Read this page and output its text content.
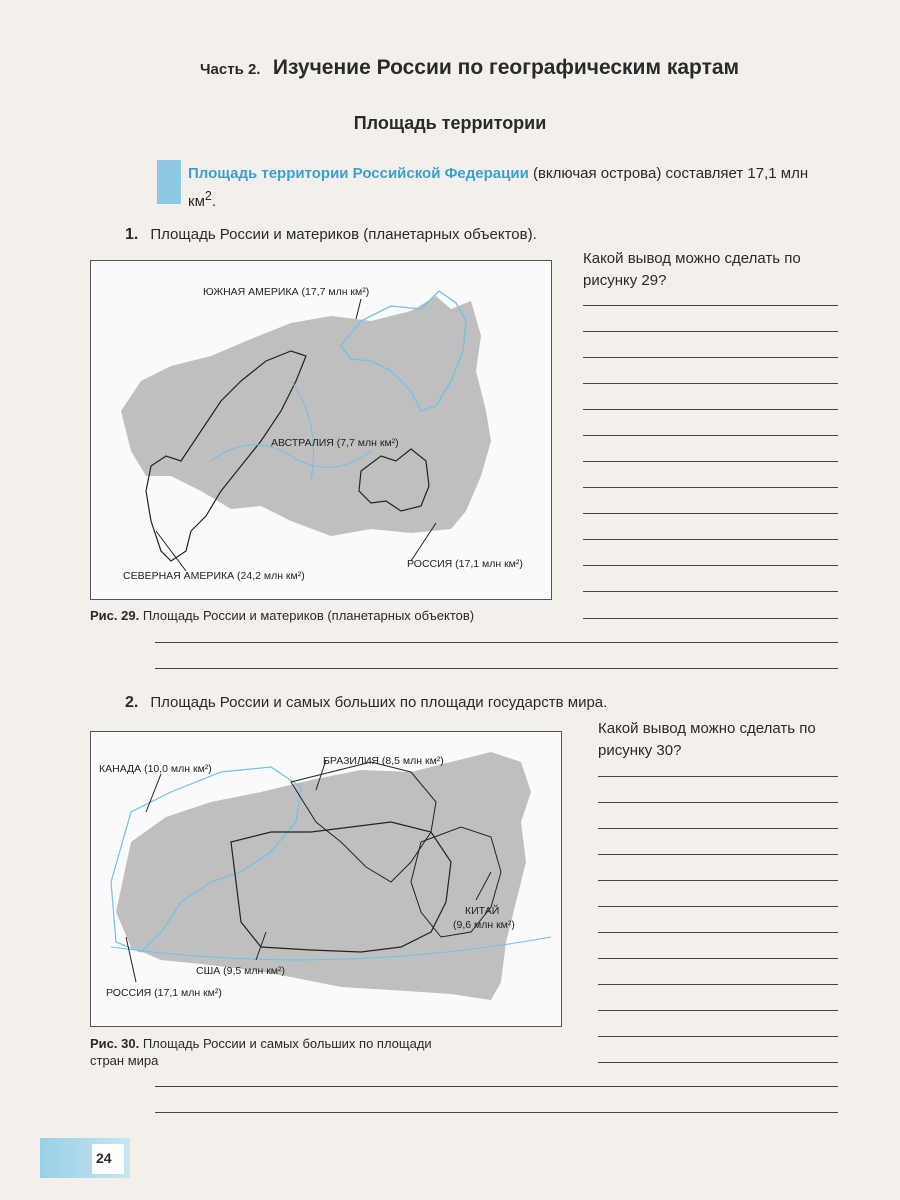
Часть 2. Изучение России по географическим картам
Площадь территории
Площадь территории Российской Федерации (включая острова) составляет 17,1 млн $км^2$.
1. Площадь России и материков (планетарных объектов).
ЮЖНАЯ АМЕРИКА (17,7 млн км²)
АВСТРАЛИЯ (7,7 млн км²)
СЕВЕРНАЯ АМЕРИКА (24,2 млн км²)
РОССИЯ (17,1 млн км²)
Рис. 29. Площадь России и материков (планетарных объектов)
Какой вывод можно сделать по рисунку 29?
2. Площадь России и самых больших по площади государств мира.
КАНАДА (10,0 млн км²)
БРАЗИЛИЯ (8,5 млн км²)
КИТАЙ
(9,6 млн км²)
США (9,5 млн км²)
РОССИЯ (17,1 млн км²)
Рис. 30. Площадь России и самых больших по площади
стран мира
Какой вывод можно сделать по рисунку 30?
24
